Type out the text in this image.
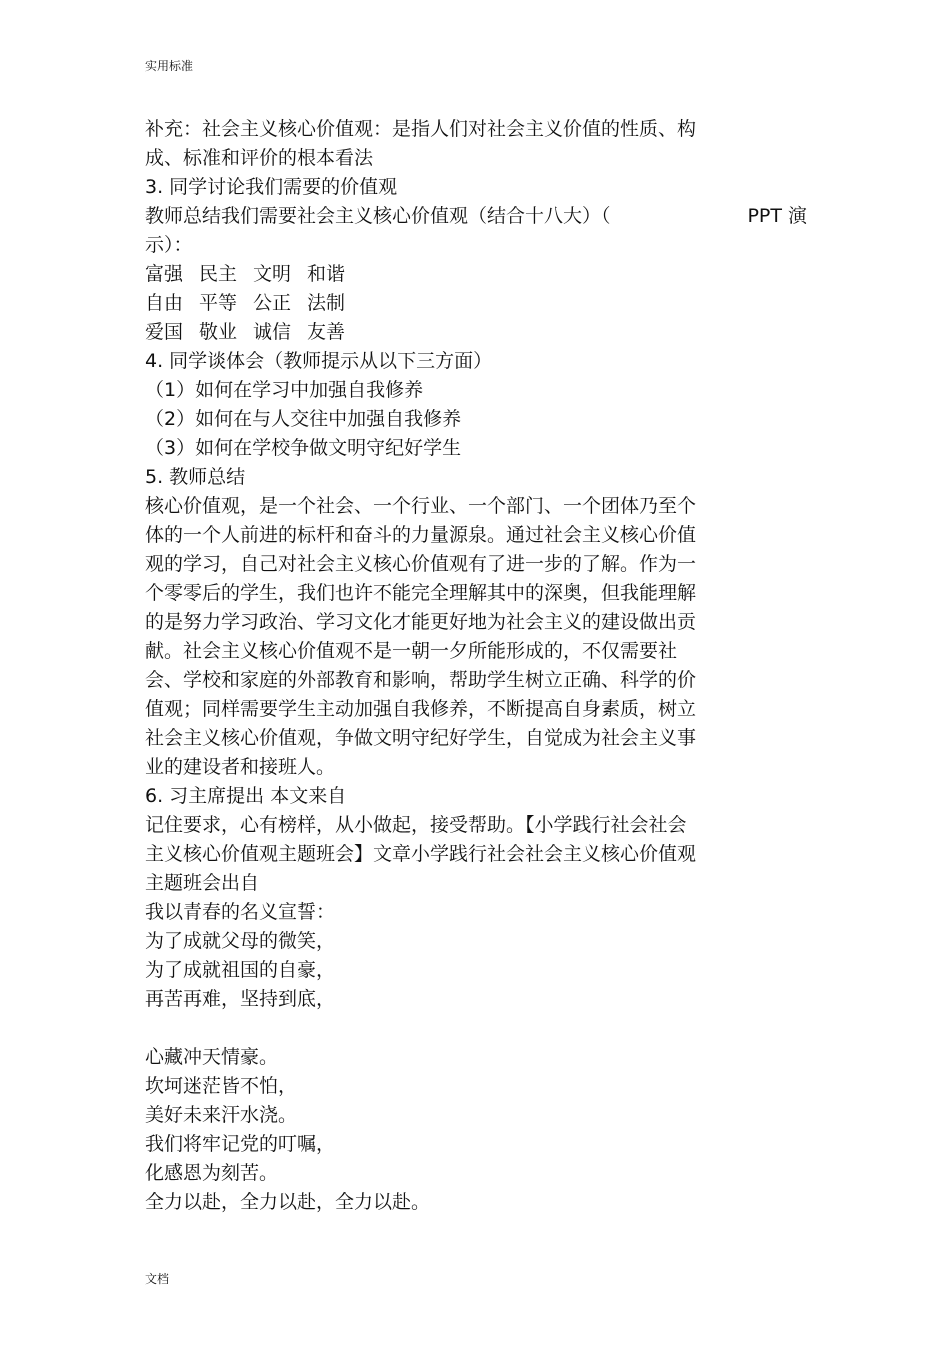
实用标准
补充：社会主义核心价值观：是指人们对社会主义价值的性质、构
成、标准和评价的根本看法
3. 同学讨论我们需要的价值观
教师总结我们需要社会主义核心价值观（结合十八大）（	PPT 演
示）：
富强 民主 文明 和谐
自由 平等 公正 法制
爱国 敬业 诚信 友善
4. 同学谈体会（教师提示从以下三方面）
（1）如何在学习中加强自我修养
（2）如何在与人交往中加强自我修养
（3）如何在学校争做文明守纪好学生
5. 教师总结
核心价值观，是一个社会、一个行业、一个部门、一个团体乃至个
体的一个人前进的标杆和奋斗的力量源泉。通过社会主义核心价值
观的学习，自己对社会主义核心价值观有了进一步的了解。作为一
个零零后的学生，我们也许不能完全理解其中的深奥，但我能理解
的是努力学习政治、学习文化才能更好地为社会主义的建设做出贡
献。社会主义核心价值观不是一朝一夕所能形成的，不仅需要社
会、学校和家庭的外部教育和影响，帮助学生树立正确、科学的价
值观；同样需要学生主动加强自我修养，不断提高自身素质，树立
社会主义核心价值观，争做文明守纪好学生，自觉成为社会主义事
业的建设者和接班人。
6. 习主席提出 本文来自
记住要求，心有榜样，从小做起，接受帮助。【小学践行社会社会
主义核心价值观主题班会】文章小学践行社会社会主义核心价值观
主题班会出自
我以青春的名义宣誓：
为了成就父母的微笑，
为了成就祖国的自豪，
再苦再难，坚持到底，
心藏冲天情豪。
坎坷迷茫皆不怕，
美好未来汗水浇。
我们将牢记党的叮嘱，
化感恩为刻苦。
全力以赴，全力以赴，全力以赴。
文档
